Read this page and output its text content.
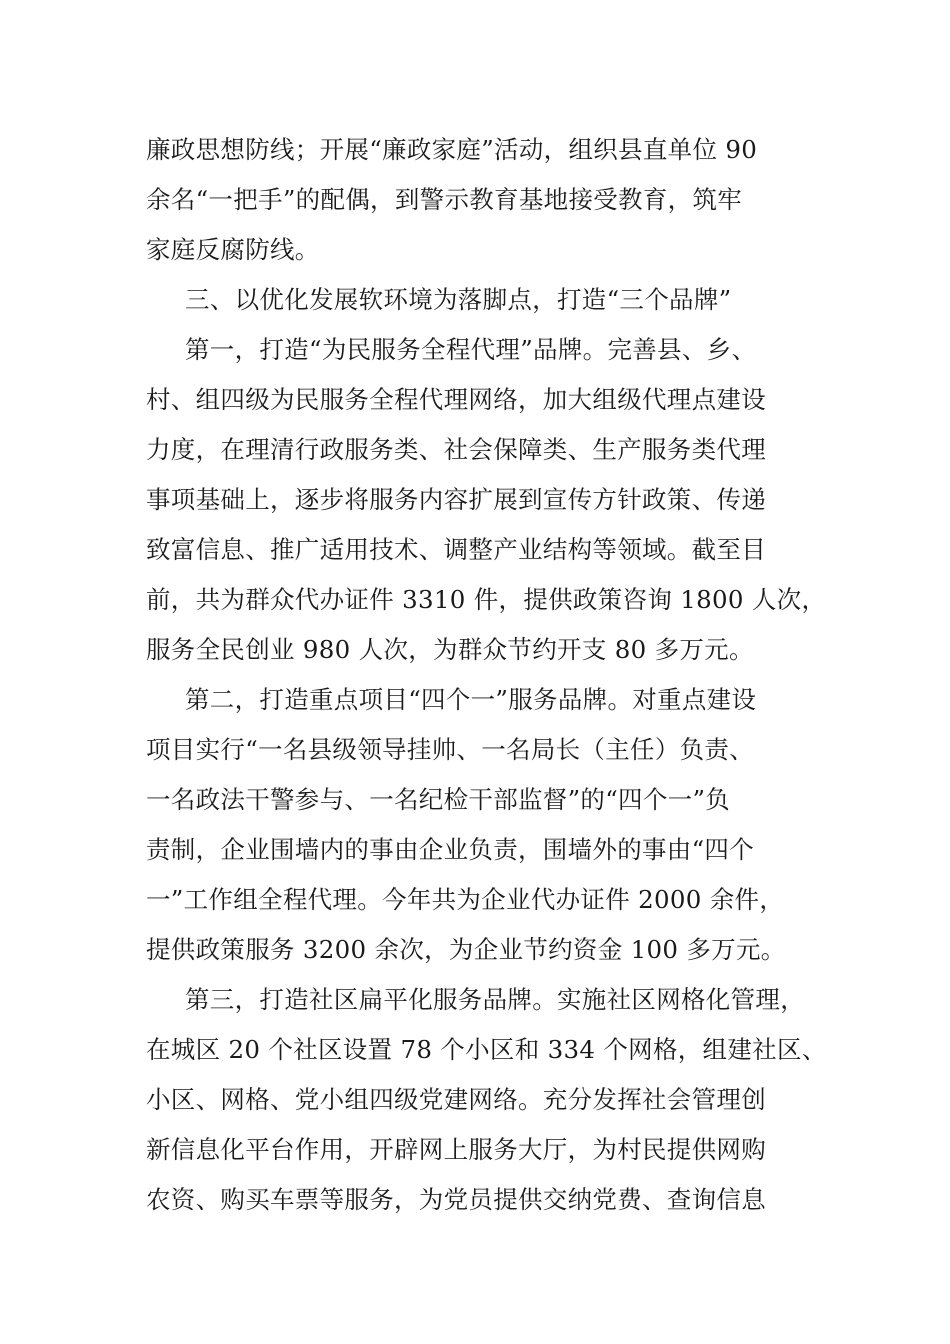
廉政思想防线；开展“廉政家庭”活动，组织县直单位 90
余名“一把手”的配偶，到警示教育基地接受教育，筑牢
家庭反腐防线。
三、以优化发展软环境为落脚点，打造“三个品牌”
第一，打造“为民服务全程代理”品牌。完善县、乡、
村、组四级为民服务全程代理网络，加大组级代理点建设
力度，在理清行政服务类、社会保障类、生产服务类代理
事项基础上，逐步将服务内容扩展到宣传方针政策、传递
致富信息、推广适用技术、调整产业结构等领域。截至目
前，共为群众代办证件 3310 件，提供政策咨询 1800 人次，
服务全民创业 980 人次，为群众节约开支 80 多万元。
第二，打造重点项目“四个一”服务品牌。对重点建设
项目实行“一名县级领导挂帅、一名局长（主任）负责、
一名政法干警参与、一名纪检干部监督”的“四个一”负
责制，企业围墙内的事由企业负责，围墙外的事由“四个
一”工作组全程代理。今年共为企业代办证件 2000 余件，
提供政策服务 3200 余次，为企业节约资金 100 多万元。
第三，打造社区扁平化服务品牌。实施社区网格化管理，
在城区 20 个社区设置 78 个小区和 334 个网格，组建社区、
小区、网格、党小组四级党建网络。充分发挥社会管理创
新信息化平台作用，开辟网上服务大厅，为村民提供网购
农资、购买车票等服务，为党员提供交纳党费、查询信息
